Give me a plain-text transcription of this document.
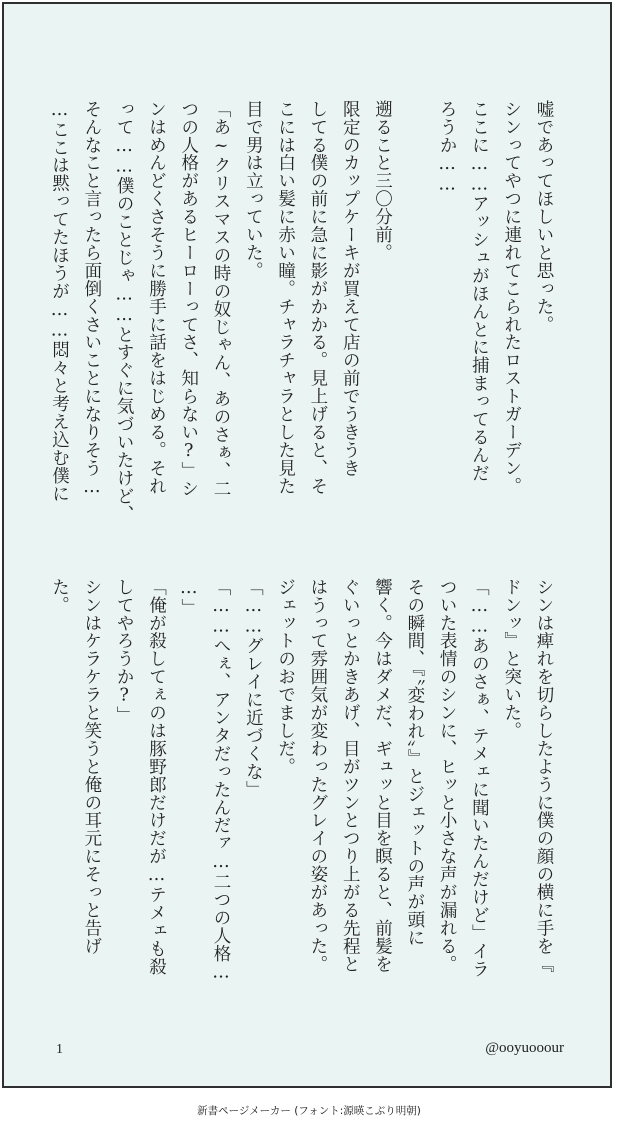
嘘であってほしいと思った。
シンってやつに連れてこられたロストガーデン。
ここに……アッシュがほんとに捕まってるんだ
ろうか……

遡ること三〇分前。
限定のカップケーキが買えて店の前でうきうき
してる僕の前に急に影がかかる。見上げると、そ
こには白い髪に赤い瞳。チャラチャラとした見た
目で男は立っていた。
「あ~クリスマスの時の奴じゃん、あのさぁ、二
つの人格があるヒーローってさ、知らない?」シ
ンはめんどくさそうに勝手に話をはじめる。それ
って……僕のことじゃ……とすぐに気づいたけど、
そんなこと言ったら面倒くさいことになりそう…
…ここは黙ってたほうが……悶々と考え込む僕に
シンは痺れを切らしたように僕の顔の横に手を『
ドンッ』と突いた。
「……あのさぁ、テメェに聞いたんだけど」イラ
ついた表情のシンに、ヒッと小さな声が漏れる。
その瞬間、『〝変われ〟』とジェットの声が頭に
響く。今はダメだ、ギュッと目を瞑ると、前髪を
ぐいっとかきあげ、目がツンとつり上がる先程と
はうって雰囲気が変わったグレイの姿があった。
ジェットのおでましだ。
「……グレイに近づくな」
「……へぇ、アンタだったんだァ…二つの人格…
…」
「俺が殺してぇのは豚野郎だけだが…テメェも殺
してやろうか?」
シンはケラケラと笑うと俺の耳元にそっと告げ
た。
1	@ooyuooour
新書ページメーカー (フォント:源暎こぶり明朝)
